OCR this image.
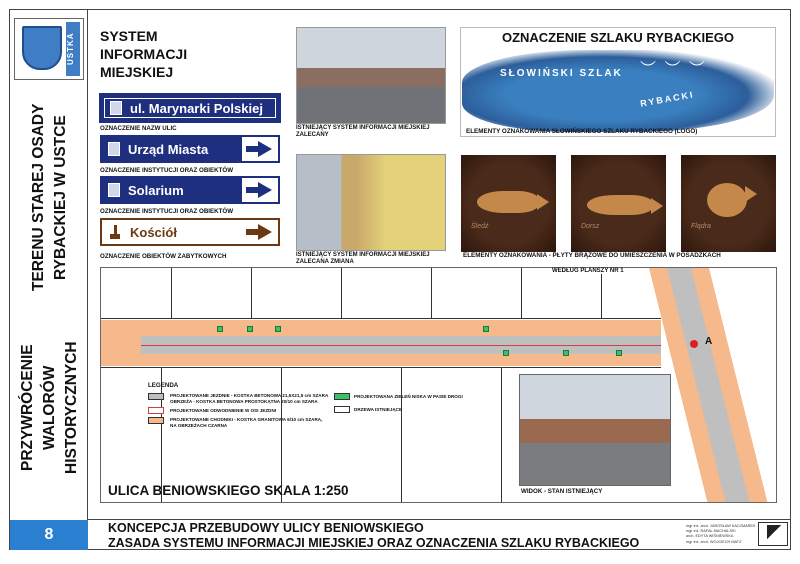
USTKA
PRZYWRÓCENIE WALORÓW HISTORYCZNYCH
TERENU STAREJ OSADY RYBACKIEJ W USTCE
8
SYSTEM
INFORMACJI
MIEJSKIEJ
ul. Marynarki Polskiej
OZNACZENIE NAZW ULIC
Urząd Miasta
OZNACZENIE INSTYTUCJI ORAZ OBIEKTÓW
Solarium
OZNACZENIE INSTYTUCJI ORAZ OBIEKTÓW
Kościół
OZNACZENIE OBIEKTÓW ZABYTKOWYCH
ISTNIEJĄCY SYSTEM INFORMACJI MIEJSKIEJ
ZALECANY
ISTNIEJĄCY SYSTEM INFORMACJI MIEJSKIEJ
ZALECANA ZMIANA
OZNACZENIE SZLAKU RYBACKIEGO
︶ ︶ ︶
SŁOWIŃSKI SZLAK
RYBACKI
ELEMENTY OZNAKOWANIA SŁOWIŃSKIEGO SZLAKU RYBACKIEGO (LOGO)
Śledź	Dorsz	Flądra
ELEMENTY OZNAKOWANIA - PŁYTY BRĄZOWE DO UMIESZCZENIA W POSADZKACH
WEDŁUG PLANSZY NR 1
A
LEGENDA
PROJEKTOWANE JEZDNIE - KOSTKA BETONOWA 21,5X21,5 cm SZARA OBRZEŻA - KOSTKA BETONOWA PROSTOKĄTNA 20/10 cm SZARA
PROJEKTOWANE ODWODNIENIE W OSI JEZDNI
PROJEKTOWANE CHODNIKI - KOSTKA GRANITOWA 6/10 cm SZARA, NA OBRZEŻACH CZARNA
PROJEKTOWANA ZIELEŃ NISKA W PASIE DROGI
DRZEWA ISTNIEJĄCE
WIDOK - STAN ISTNIEJĄCY
ULICA BENIOWSKIEGO SKALA 1:250
KONCEPCJA PRZEBUDOWY ULICY BENIOWSKIEGO
ZASADA SYSTEMU INFORMACJI MIEJSKIEJ ORAZ OZNACZENIA SZLAKU RYBACKIEGO
mgr inż. arch. JAROSŁAW KACZMAREK
mgr inż. RAFAŁ MACHALSKI
arch. EDYTA WIŚNIEWSKA
mgr inż. arch. WOJCIECH MATZ
